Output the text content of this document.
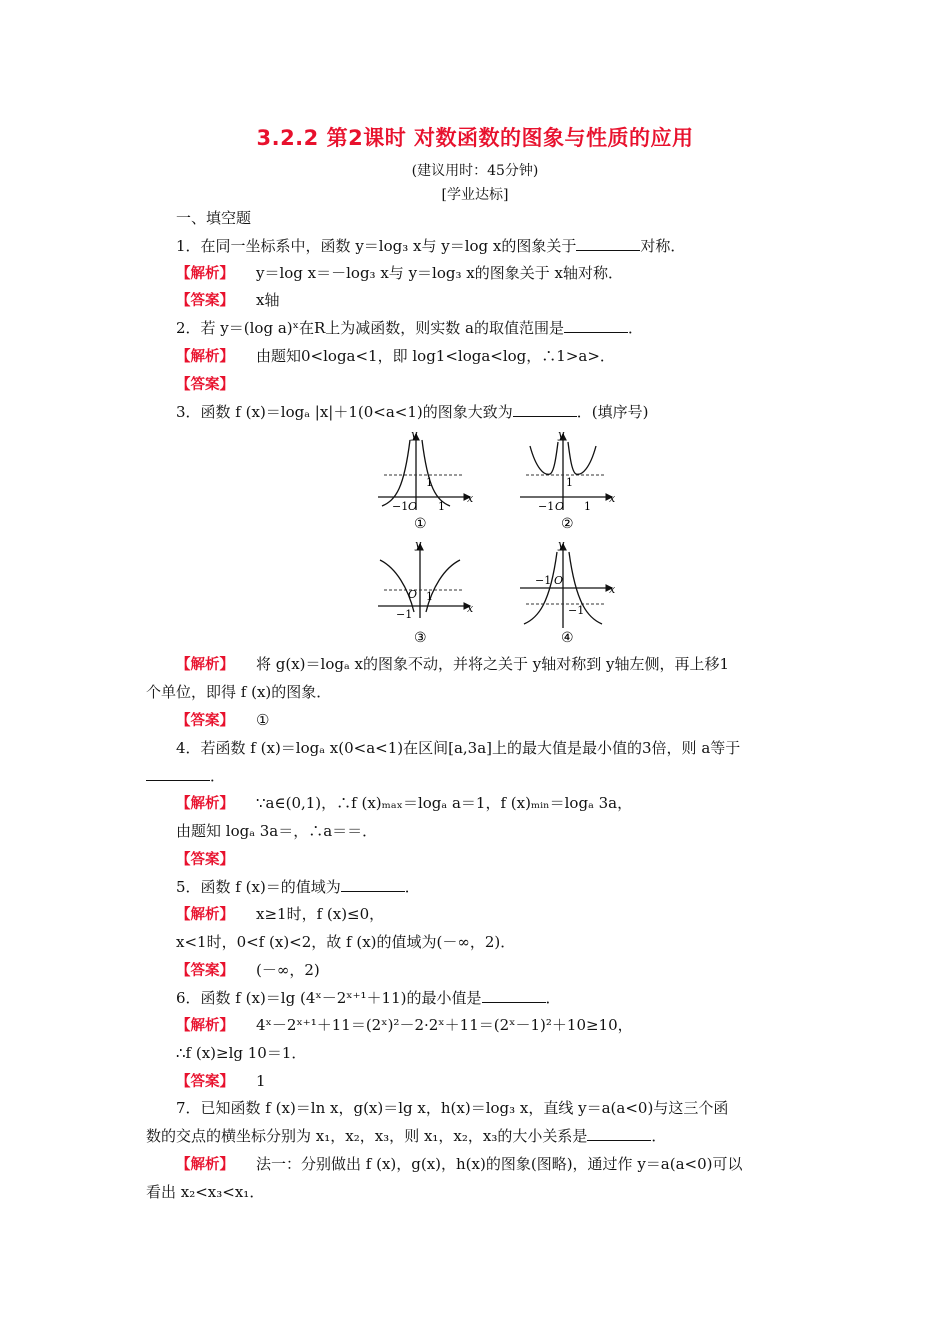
3.2.2 第2课时 对数函数的图象与性质的应用
(建议用时：45分钟)
[学业达标]
一、填空题
1．在同一坐标系中，函数 y＝log₃ x与 y＝log x的图象关于	对称．
【解析】 y＝log x＝－log₃ x与 y＝log₃ x的图象关于 x轴对称．
【答案】 x轴
2．若 y＝(log a)ˣ在R上为减函数，则实数 a的取值范围是	．
【解析】 由题知0<loga<1，即 log1<loga<log，∴1>a>．
【答案】
3．函数 f (x)＝logₐ |x|＋1(0<a<1)的图象大致为	．(填序号)
y
x
O
−1	1
1
①
y
x
O
−1	1
1
②
y
x
O
−1
1
③
y
x
O
−1
−1
④
【解析】 将 g(x)＝logₐ x的图象不动，并将之关于 y轴对称到 y轴左侧，再上移1
个单位，即得 f (x)的图象．
【答案】 ①
4．若函数 f (x)＝logₐ x(0<a<1)在区间[a,3a]上的最大值是最小值的3倍，则 a等于
．
【解析】 ∵a∈(0,1)，∴f (x)ₘₐₓ＝logₐ a＝1，f (x)ₘᵢₙ＝logₐ 3a，
由题知 logₐ 3a＝，∴a＝＝．
【答案】
5．函数 f (x)＝的值域为	．
【解析】 x≥1时，f (x)≤0，
x<1时，0<f (x)<2，故 f (x)的值域为(－∞，2)．
【答案】 (－∞，2)
6．函数 f (x)＝lg (4ˣ－2ˣ⁺¹＋11)的最小值是	．
【解析】 4ˣ－2ˣ⁺¹＋11＝(2ˣ)²－2·2ˣ＋11＝(2ˣ－1)²＋10≥10，
∴f (x)≥lg 10＝1．
【答案】 1
7．已知函数 f (x)＝ln x，g(x)＝lg x，h(x)＝log₃ x，直线 y＝a(a<0)与这三个函
数的交点的横坐标分别为 x₁，x₂，x₃，则 x₁，x₂，x₃的大小关系是	．
【解析】 法一：分别做出 f (x)，g(x)，h(x)的图象(图略)，通过作 y＝a(a<0)可以
看出 x₂<x₃<x₁．
